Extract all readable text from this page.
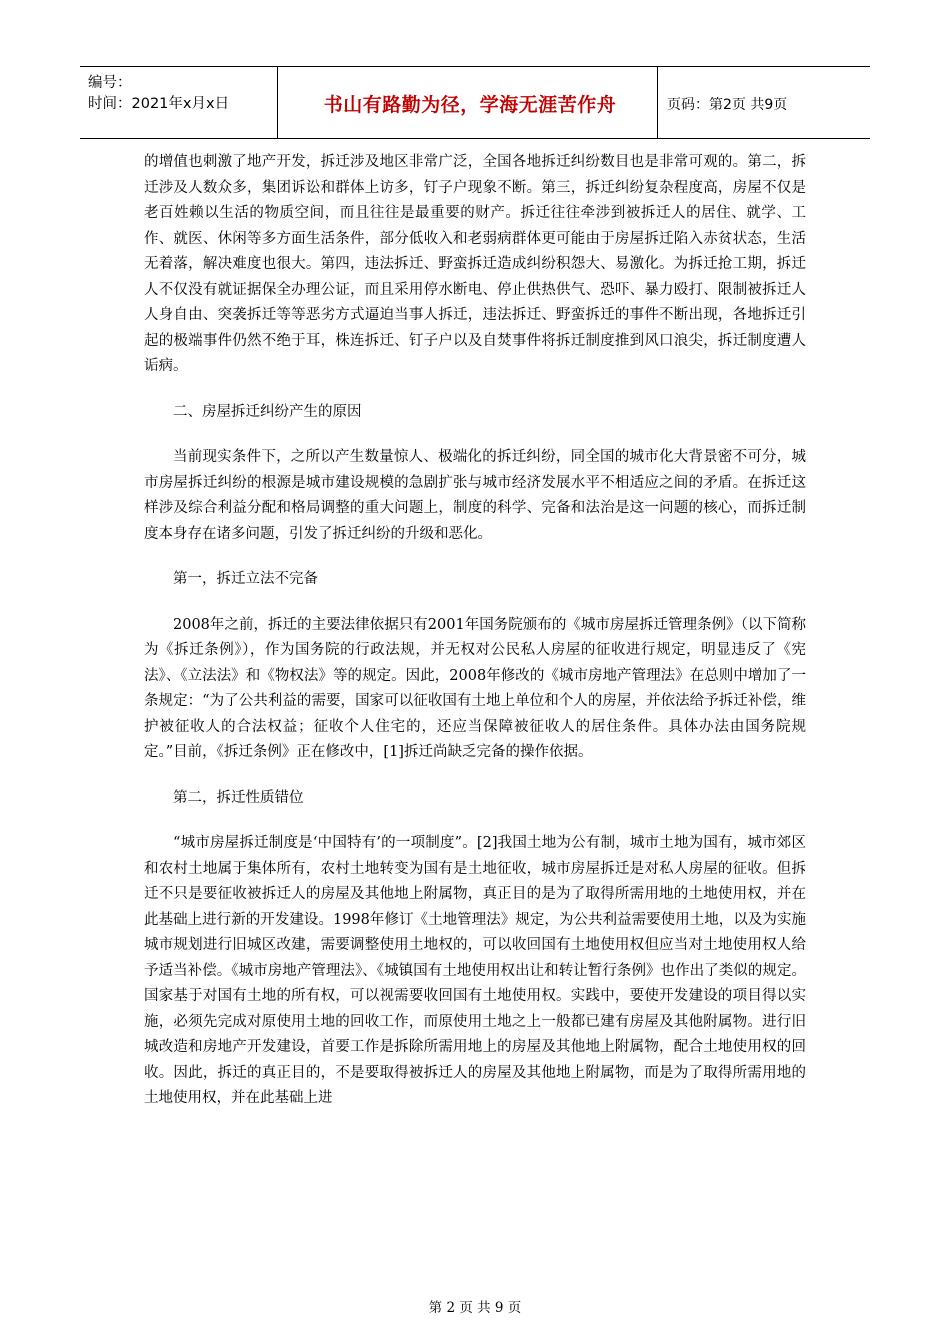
编号：
时间：2021年x月x日	书山有路勤为径，学海无涯苦作舟	页码：第2页 共9页

的增值也刺激了地产开发，拆迁涉及地区非常广泛，全国各地拆迁纠纷数目也是非常可观的。第二，拆迁涉及人数众多，集团诉讼和群体上访多，钉子户现象不断。第三，拆迁纠纷复杂程度高，房屋不仅是老百姓赖以生活的物质空间，而且往往是最重要的财产。拆迁往往牵涉到被拆迁人的居住、就学、工作、就医、休闲等多方面生活条件，部分低收入和老弱病群体更可能由于房屋拆迁陷入赤贫状态，生活无着落，解决难度也很大。第四，违法拆迁、野蛮拆迁造成纠纷积怨大、易激化。为拆迁抢工期，拆迁人不仅没有就证据保全办理公证，而且采用停水断电、停止供热供气、恐吓、暴力殴打、限制被拆迁人人身自由、突袭拆迁等等恶劣方式逼迫当事人拆迁，违法拆迁、野蛮拆迁的事件不断出现，各地拆迁引起的极端事件仍然不绝于耳，株连拆迁、钉子户以及自焚事件将拆迁制度推到风口浪尖，拆迁制度遭人诟病。

二、房屋拆迁纠纷产生的原因

当前现实条件下，之所以产生数量惊人、极端化的拆迁纠纷，同全国的城市化大背景密不可分，城市房屋拆迁纠纷的根源是城市建设规模的急剧扩张与城市经济发展水平不相适应之间的矛盾。在拆迁这样涉及综合利益分配和格局调整的重大问题上，制度的科学、完备和法治是这一问题的核心，而拆迁制度本身存在诸多问题，引发了拆迁纠纷的升级和恶化。

第一，拆迁立法不完备

2008年之前，拆迁的主要法律依据只有2001年国务院颁布的《城市房屋拆迁管理条例》（以下简称为《拆迁条例》），作为国务院的行政法规，并无权对公民私人房屋的征收进行规定，明显违反了《宪法》、《立法法》和《物权法》等的规定。因此，2008年修改的《城市房地产管理法》在总则中增加了一条规定：“为了公共利益的需要，国家可以征收国有土地上单位和个人的房屋，并依法给予拆迁补偿，维护被征收人的合法权益；征收个人住宅的，还应当保障被征收人的居住条件。具体办法由国务院规定。”目前，《拆迁条例》正在修改中，[1]拆迁尚缺乏完备的操作依据。

第二，拆迁性质错位

“城市房屋拆迁制度是‘中国特有’的一项制度”。[2]我国土地为公有制，城市土地为国有，城市郊区和农村土地属于集体所有，农村土地转变为国有是土地征收，城市房屋拆迁是对私人房屋的征收。但拆迁不只是要征收被拆迁人的房屋及其他地上附属物，真正目的是为了取得所需用地的土地使用权，并在此基础上进行新的开发建设。1998年修订《土地管理法》规定，为公共利益需要使用土地，以及为实施城市规划进行旧城区改建，需要调整使用土地权的，可以收回国有土地使用权但应当对土地使用权人给予适当补偿。《城市房地产管理法》、《城镇国有土地使用权出让和转让暂行条例》也作出了类似的规定。国家基于对国有土地的所有权，可以视需要收回国有土地使用权。实践中，要使开发建设的项目得以实施，必须先完成对原使用土地的回收工作，而原使用土地之上一般都已建有房屋及其他附属物。进行旧城改造和房地产开发建设，首要工作是拆除所需用地上的房屋及其他地上附属物，配合土地使用权的回收。因此，拆迁的真正目的，不是要取得被拆迁人的房屋及其他地上附属物，而是为了取得所需用地的土地使用权，并在此基础上进

第 2 页 共 9 页
